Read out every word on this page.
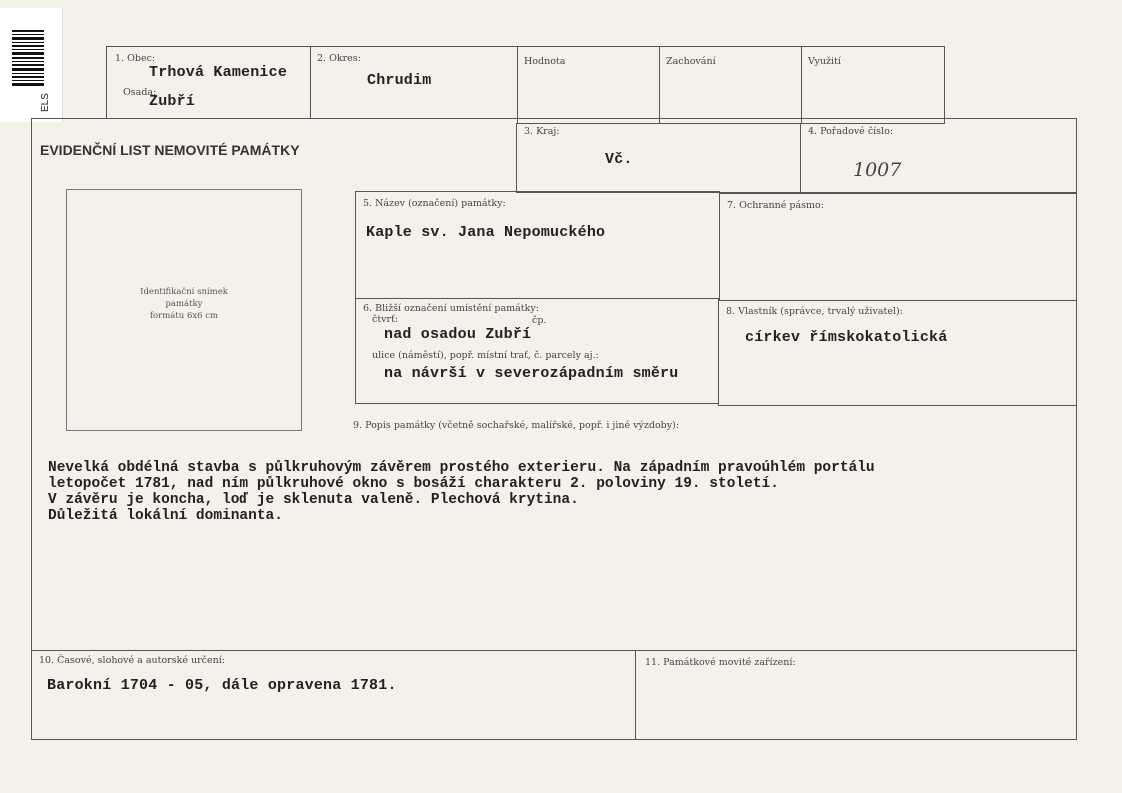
ELS
1. Obec:
Trhová Kamenice
Osada:
Zubří
2. Okres:
Chrudim
Hodnota	Zachování	Využití
EVIDENČNÍ LIST NEMOVITÉ PAMÁTKY
3. Kraj:
Vč.
4. Pořadové číslo:
1007
Identifikační snímek
památky
formátu 6x6 cm
5. Název (označení) památky:
Kaple sv. Jana Nepomuckého
7. Ochranné pásmo:
6. Bližší označení umístění památky:
čtvrť:	čp.
nad osadou Zubří
ulice (náměstí), popř. místní trať, č. parcely aj.:
na návrší v severozápadním směru
8. Vlastník (správce, trvalý uživatel):
církev římskokatolická
9. Popis památky (včetně sochařské, malířské, popř. i jiné výzdoby):
Nevelká obdélná stavba s půlkruhovým závěrem prostého exterieru. Na západním pravoúhlém portálu
letopočet 1781, nad ním půlkruhové okno s bosáží charakteru 2. poloviny 19. století.
V závěru je koncha, loď je sklenuta valeně. Plechová krytina.
Důležitá lokální dominanta.
10. Časové, slohové a autorské určení:
Barokní 1704 - 05, dále opravena 1781.
11. Památkové movité zařízení:
